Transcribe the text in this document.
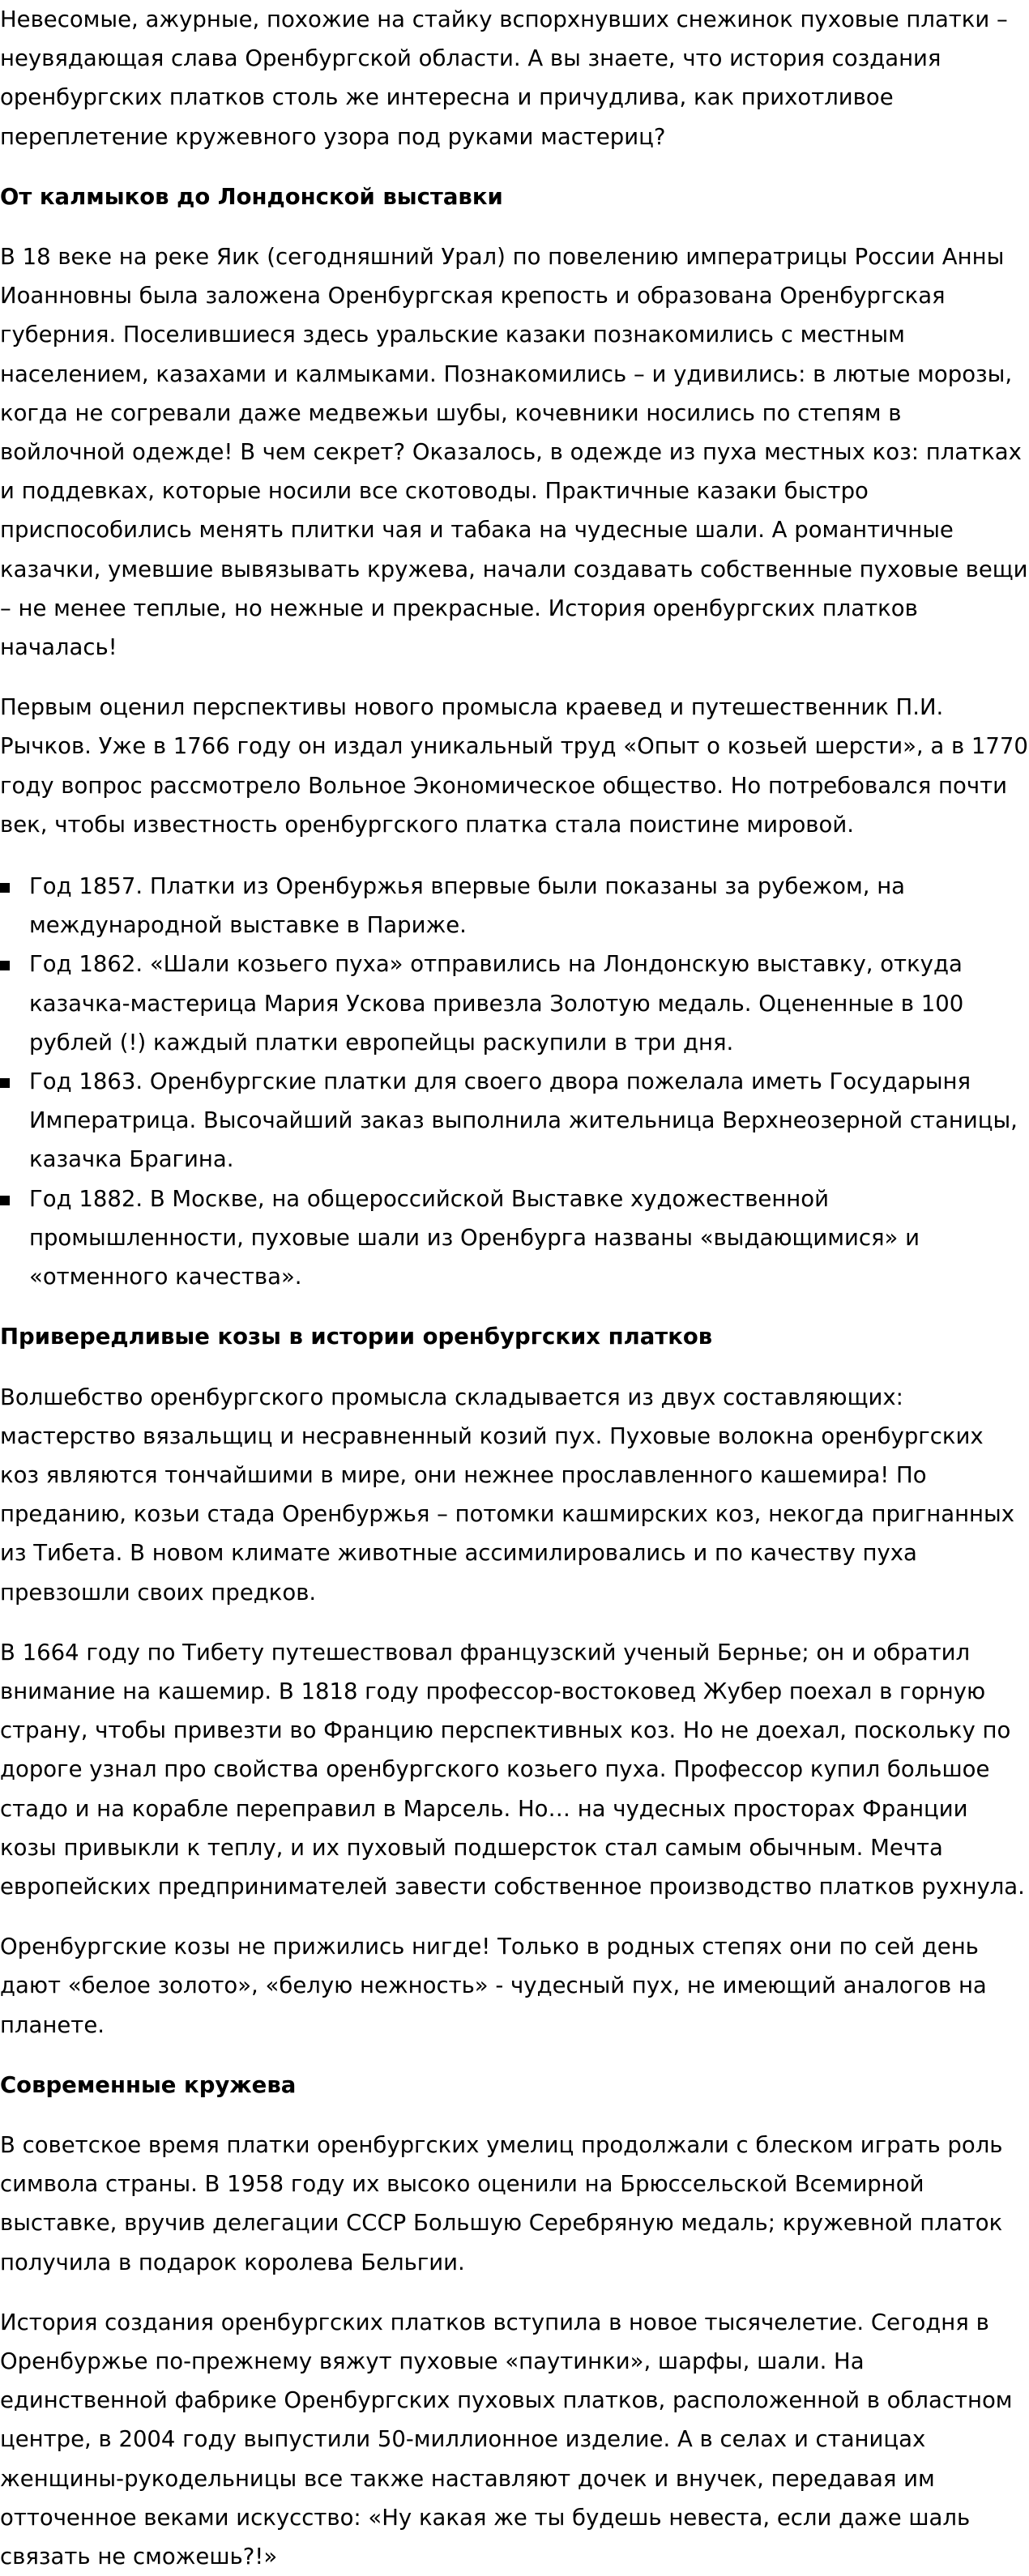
Невесомые, ажурные, похожие на стайку вспорхнувших снежинок пуховые платки – неувядающая слава Оренбургской области. А вы знаете, что история создания оренбургских платков столь же интересна и причудлива, как прихотливое переплетение кружевного узора под руками мастериц?

От калмыков до Лондонской выставки

В 18 веке на реке Яик (сегодняшний Урал) по повелению императрицы России Анны Иоанновны была заложена Оренбургская крепость и образована Оренбургская губерния. Поселившиеся здесь уральские казаки познакомились с местным населением, казахами и калмыками. Познакомились – и удивились: в лютые морозы, когда не согревали даже медвежьи шубы, кочевники носились по степям в войлочной одежде! В чем секрет? Оказалось, в одежде из пуха местных коз: платках и поддевках, которые носили все скотоводы. Практичные казаки быстро приспособились менять плитки чая и табака на чудесные шали. А романтичные казачки, умевшие вывязывать кружева, начали создавать собственные пуховые вещи – не менее теплые, но нежные и прекрасные. История оренбургских платков началась!

Первым оценил перспективы нового промысла краевед и путешественник П.И. Рычков. Уже в 1766 году он издал уникальный труд «Опыт о козьей шерсти», а в 1770 году вопрос рассмотрело Вольное Экономическое общество. Но потребовался почти век, чтобы известность оренбургского платка стала поистине мировой.

Год 1857. Платки из Оренбуржья впервые были показаны за рубежом, на международной выставке в Париже.
Год 1862. «Шали козьего пуха» отправились на Лондонскую выставку, откуда казачка-мастерица Мария Ускова привезла Золотую медаль. Оцененные в 100 рублей (!) каждый платки европейцы раскупили в три дня.
Год 1863. Оренбургские платки для своего двора пожелала иметь Государыня Императрица. Высочайший заказ выполнила жительница Верхнеозерной станицы, казачка Брагина.
Год 1882. В Москве, на общероссийской Выставке художественной промышленности, пуховые шали из Оренбурга названы «выдающимися» и «отменного качества».
Привередливые козы в истории оренбургских платков

Волшебство оренбургского промысла складывается из двух составляющих: мастерство вязальщиц и несравненный козий пух. Пуховые волокна оренбургских коз являются тончайшими в мире, они нежнее прославленного кашемира! По преданию, козьи стада Оренбуржья – потомки кашмирских коз, некогда пригнанных из Тибета. В новом климате животные ассимилировались и по качеству пуха превзошли своих предков.

В 1664 году по Тибету путешествовал французский ученый Бернье; он и обратил внимание на кашемир. В 1818 году профессор-востоковед Жубер поехал в горную страну, чтобы привезти во Францию перспективных коз. Но не доехал, поскольку по дороге узнал про свойства оренбургского козьего пуха. Профессор купил большое стадо и на корабле переправил в Марсель. Но… на чудесных просторах Франции козы привыкли к теплу, и их пуховый подшерсток стал самым обычным. Мечта европейских предпринимателей завести собственное производство платков рухнула.

Оренбургские козы не прижились нигде! Только в родных степях они по сей день дают «белое золото», «белую нежность» - чудесный пух, не имеющий аналогов на планете.

Современные кружева

В советское время платки оренбургских умелиц продолжали с блеском играть роль символа страны. В 1958 году их высоко оценили на Брюссельской Всемирной выставке, вручив делегации СССР Большую Серебряную медаль; кружевной платок получила в подарок королева Бельгии.

История создания оренбургских платков вступила в новое тысячелетие. Сегодня в Оренбуржье по-прежнему вяжут пуховые «паутинки», шарфы, шали. На единственной фабрике Оренбургских пуховых платков, расположенной в областном центре, в 2004 году выпустили 50-миллионное изделие. А в селах и станицах женщины-рукодельницы все также наставляют дочек и внучек, передавая им отточенное веками искусство: «Ну какая же ты будешь невеста, если даже шаль связать не сможешь?!»
